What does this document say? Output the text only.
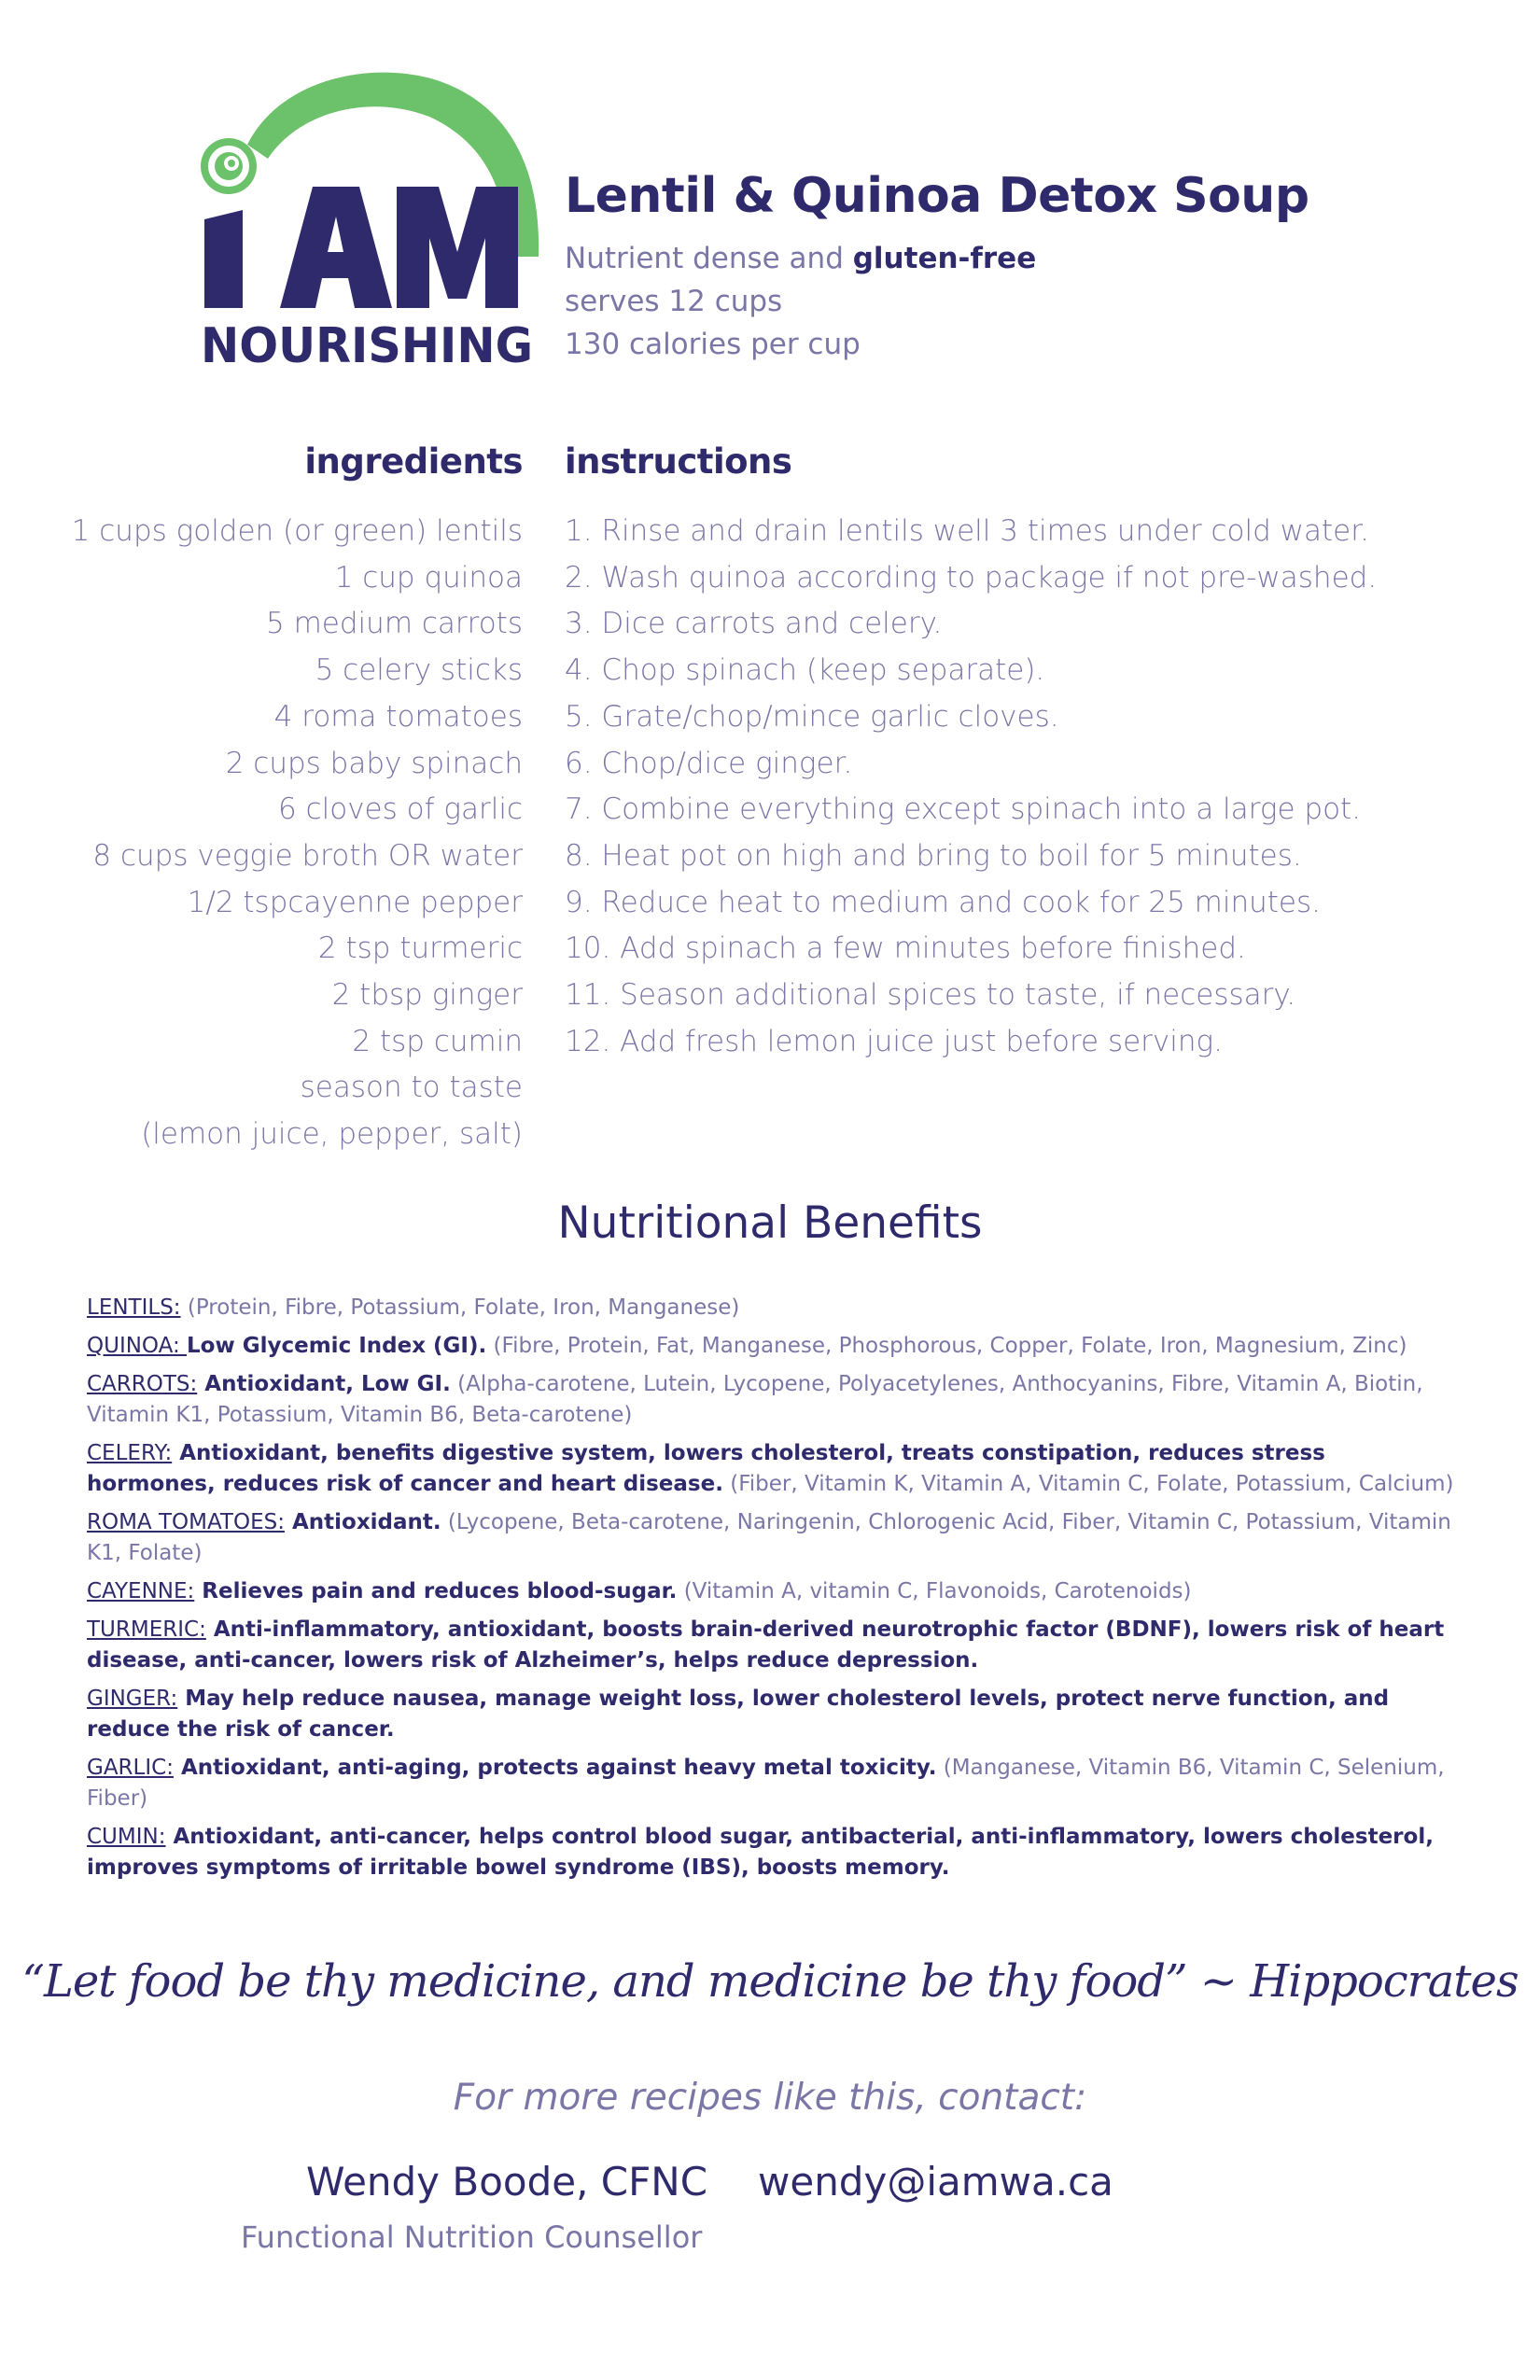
NOURISHING
Lentil & Quinoa Detox Soup
Nutrient dense and gluten-free
serves 12 cups
130 calories per cup
ingredients instructions
1 cups golden (or green) lentils
1 cup quinoa
5 medium carrots
5 celery sticks
4 roma tomatoes
2 cups baby spinach
6 cloves of garlic
8 cups veggie broth OR water
1/2 tspcayenne pepper
2 tsp turmeric
2 tbsp ginger
2 tsp cumin
season to taste
(lemon juice, pepper, salt)
1. Rinse and drain lentils well 3 times under cold water.
2. Wash quinoa according to package if not pre-washed.
3. Dice carrots and celery.
4. Chop spinach (keep separate).
5. Grate/chop/mince garlic cloves.
6. Chop/dice ginger.
7. Combine everything except spinach into a large pot.
8. Heat pot on high and bring to boil for 5 minutes.
9. Reduce heat to medium and cook for 25 minutes.
10. Add spinach a few minutes before finished.
11. Season additional spices to taste, if necessary.
12. Add fresh lemon juice just before serving.
Nutritional Benefits
LENTILS: (Protein, Fibre, Potassium, Folate, Iron, Manganese)
QUINOA: Low Glycemic Index (GI). (Fibre, Protein, Fat, Manganese, Phosphorous, Copper, Folate, Iron, Magnesium, Zinc)
CARROTS: Antioxidant, Low GI. (Alpha-carotene, Lutein, Lycopene, Polyacetylenes, Anthocyanins, Fibre, Vitamin A, Biotin, Vitamin K1, Potassium, Vitamin B6, Beta-carotene)
CELERY: Antioxidant, benefits digestive system, lowers cholesterol, treats constipation, reduces stress hormones, reduces risk of cancer and heart disease. (Fiber, Vitamin K, Vitamin A, Vitamin C, Folate, Potassium, Calcium)
ROMA TOMATOES: Antioxidant. (Lycopene, Beta-carotene, Naringenin, Chlorogenic Acid, Fiber, Vitamin C, Potassium, Vitamin K1, Folate)
CAYENNE: Relieves pain and reduces blood-sugar. (Vitamin A, vitamin C, Flavonoids, Carotenoids)
TURMERIC: Anti-inflammatory, antioxidant, boosts brain-derived neurotrophic factor (BDNF), lowers risk of heart disease, anti-cancer, lowers risk of Alzheimer’s, helps reduce depression.
GINGER: May help reduce nausea, manage weight loss, lower cholesterol levels, protect nerve function, and reduce the risk of cancer.
GARLIC: Antioxidant, anti-aging, protects against heavy metal toxicity. (Manganese, Vitamin B6, Vitamin C, Selenium, Fiber)
CUMIN: Antioxidant, anti-cancer, helps control blood sugar, antibacterial, anti-inflammatory, lowers cholesterol, improves symptoms of irritable bowel syndrome (IBS), boosts memory.
“Let food be thy medicine, and medicine be thy food” ~ Hippocrates
For more recipes like this, contact:
Wendy Boode, CFNC wendy@iamwa.ca
Functional Nutrition Counsellor
